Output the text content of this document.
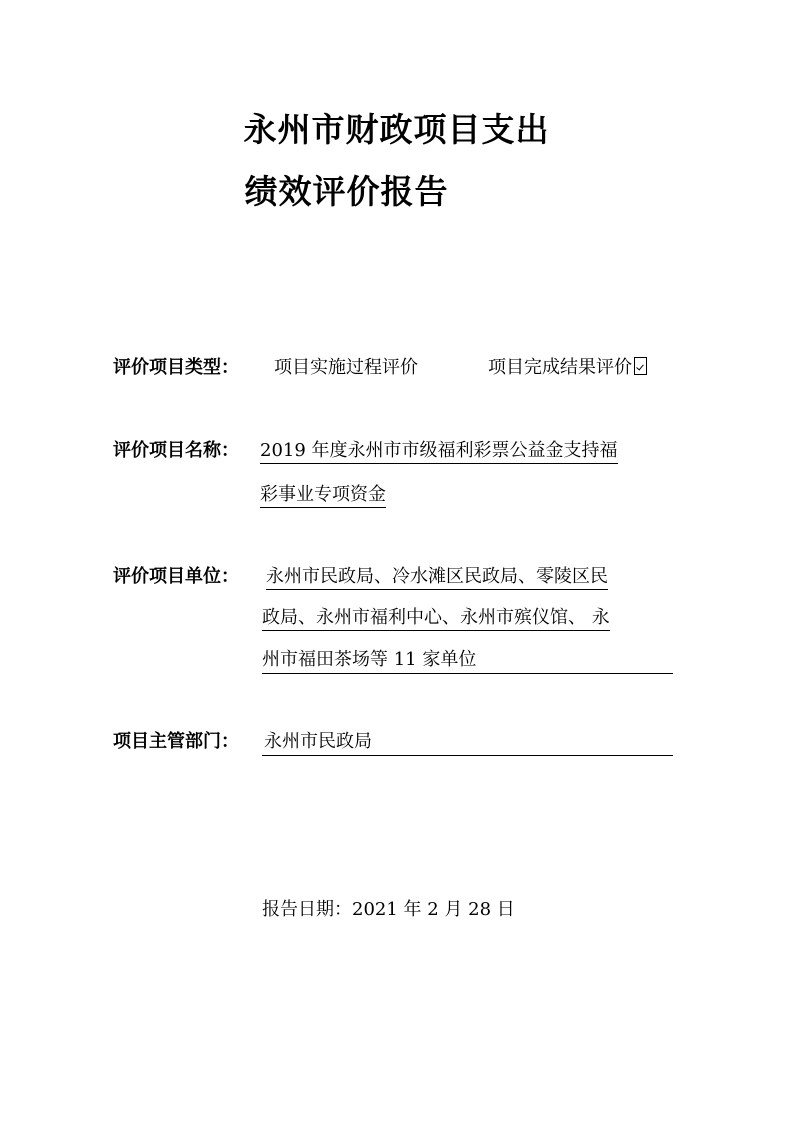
永州市财政项目支出
绩效评价报告
评价项目类型： 项目实施过程评价	项目完成结果评价
评价项目名称： 2019 年度永州市市级福利彩票公益金支持福
彩事业专项资金
评价项目单位： 永州市民政局、冷水滩区民政局、零陵区民
政局、永州市福利中心、永州市殡仪馆、 永
州市福田茶场等 11 家单位
项目主管部门： 永州市民政局
报告日期：2021 年 2 月 28 日
